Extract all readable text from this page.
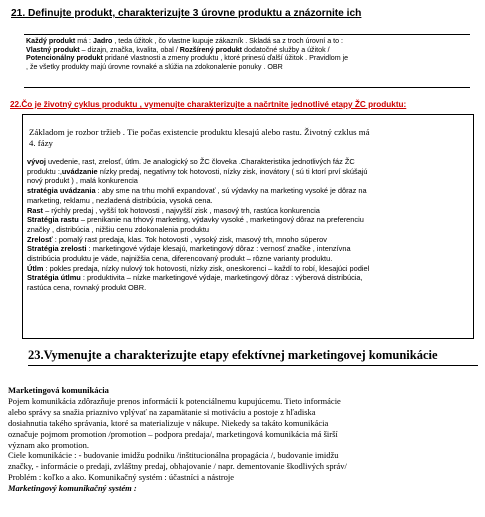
21. Definujte produkt, charakterizujte 3 úrovne produktu a znázornite ich
Každý produkt má : Jadro , teda úžitok , čo vlastne kupuje zákazník . Skladá sa z troch úrovní a to :
Vlastný produkt – dizajn, značka, kvalita, obal / Rozšírený produkt dodatočné služby a úžitok /
Potencionálny produkt pridané vlastnosti a zmeny produktu , ktoré prinesú ďalší úžitok . Pravidlom je
, že všetky produkty majú úrovne rovnaké a slúžia na zdokonalenie ponuky . OBR
22.Čo je životný cyklus produktu , vymenujte charakterizujte a načrtnite jednotlivé etapy ŽC produktu:
Základom je rozbor tržieb . Tie počas existencie produktu klesajú alebo rastu. Životný czklus má
4. fázy
vývoj uvedenie, rast, zrelosť, útlm. Je analogický so ŽC človeka .Charakteristika jednotlivých fáz ŽC
produktu :,uvádzanie nízky predaj, negatívny tok hotovosti, nízky zisk, inovátory ( sú ti ktorí prví skúšajú
nový produkt ) , malá konkurencia
stratégia uvádzania : aby sme na trhu mohli expandovať , sú výdavky na marketing vysoké je dôraz na
marketing, reklamu , nezladená distribúcia, vysoká cena.
Rast – rýchly predaj , vyšší tok hotovosti , najvyšší zisk , masový trh, rastúca konkurencia
Stratégia rastu – prenikanie na trhový marketing, výdavky vysoké , marketingový dôraz na preferenciu
značky , distribúcia , nižšiu cenu zdokonalenia produktu
Zrelosť : pomalý rast predaja, klas. Tok hotovosti , vysoký zisk, masový trh, mnoho súperov
Stratégia zrelosti : marketingové výdaje klesajú, marketingový dôraz : vernosť značke , intenzívna
distribúcia produktu je váde, najnižšia cena, diferencovaný produkt – rôzne varianty produktu.
Útlm : pokles predaja, nízky nulový tok hotovosti, nízky zisk, oneskorenci – každí to robí, klesajúci podiel
Stratégia útlmu : produktivita – nízke marketingové výdaje, marketingový dôraz : výberová distribúcia,
rastúca cena, rovnaký produkt OBR.
23.Vymenujte a charakterizujte etapy efektívnej marketingovej komunikácie
Marketingová komunikácia
Pojem komunikácia zdôrazňuje prenos informácií k potenciálnemu kupujúcemu. Tieto informácie
alebo správy sa snažia priaznivo vplývať na zapamätanie si motiváciu a postoje z hľadiska
dosiahnutia takého správania, ktoré sa materializuje v nákupe. Niekedy sa takáto komunikácia
označuje pojmom promotion /promotion – podpora predaja/, marketingová komunikácia má širší
význam ako promotion.
Ciele komunikácie : - budovanie imidžu podniku /inštitucionálna propagácia /, budovanie imidžu
značky, - informácie o predaji, zvláštny predaj, obhajovanie / napr. dementovanie škodlivých správ/
Problém : koľko a ako. Komunikačný systém : účastníci a nástroje
Marketingový komunikačný systém :
